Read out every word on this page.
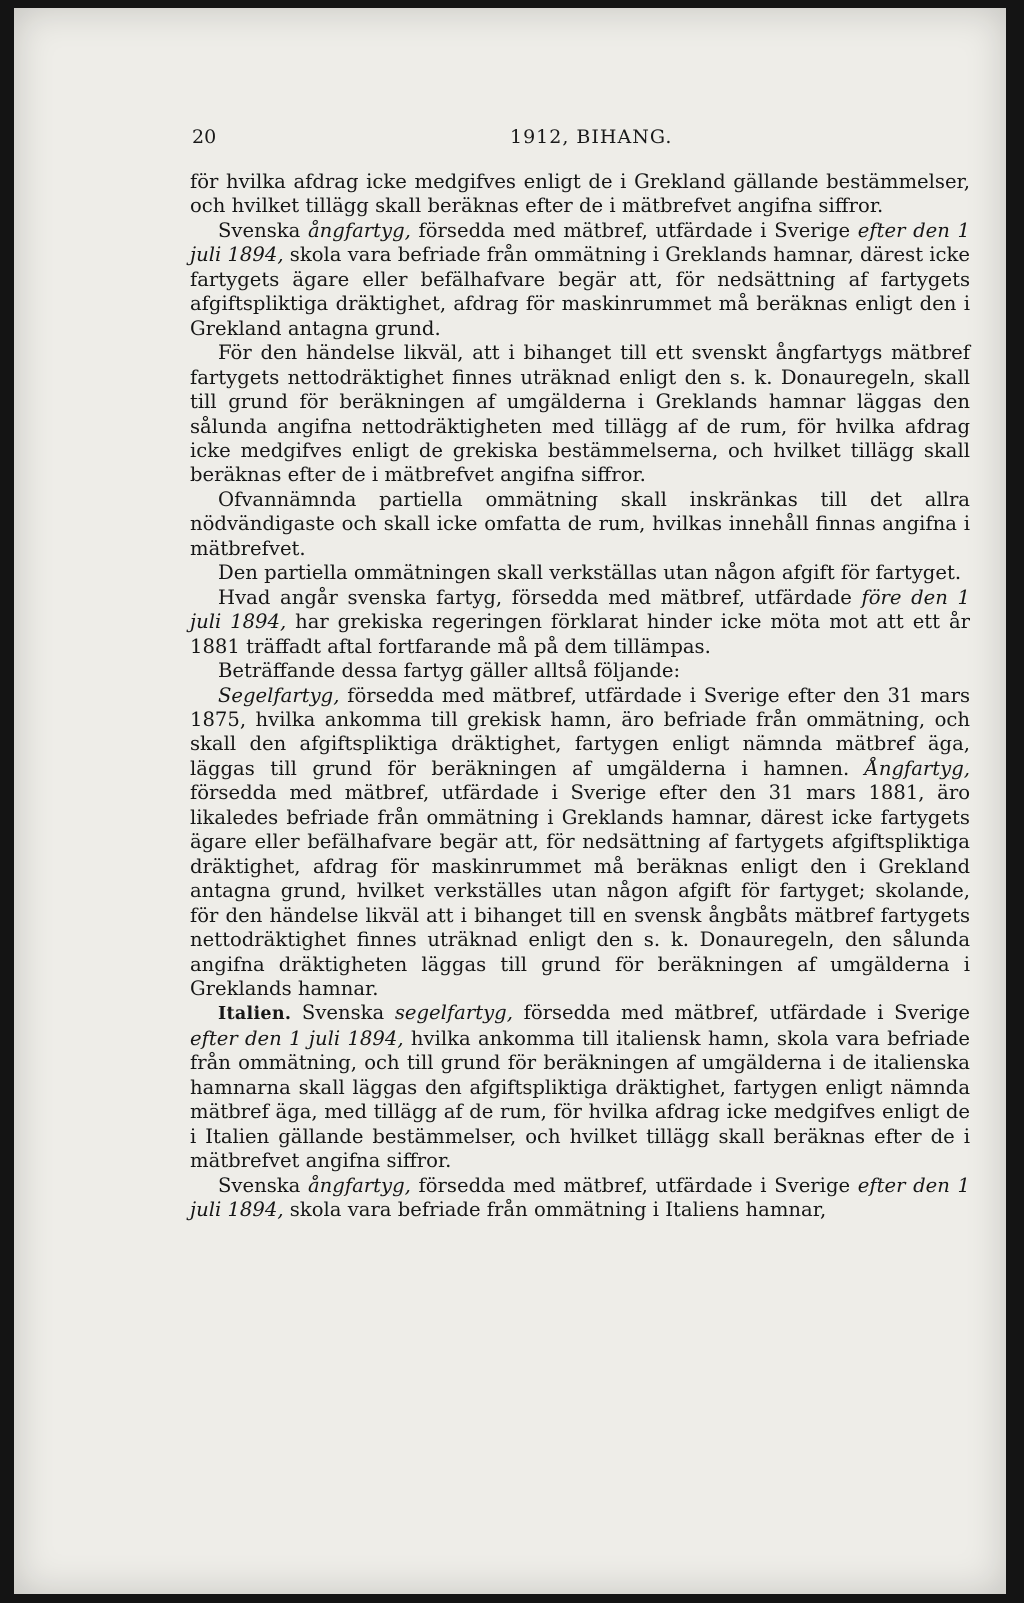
20	1912, BIHANG.

för hvilka afdrag icke medgifves enligt de i Grekland gällande bestämmelser, och hvilket tillägg skall beräknas efter de i mätbrefvet angifna siffror.

Svenska ångfartyg, försedda med mätbref, utfärdade i Sverige efter den 1 juli 1894, skola vara befriade från ommätning i Greklands hamnar, därest icke fartygets ägare eller befälhafvare begär att, för nedsättning af fartygets afgiftspliktiga dräktighet, afdrag för maskinrummet må beräknas enligt den i Grekland antagna grund.

För den händelse likväl, att i bihanget till ett svenskt ångfartygs mätbref fartygets nettodräktighet finnes uträknad enligt den s. k. Donauregeln, skall till grund för beräkningen af umgälderna i Greklands hamnar läggas den sålunda angifna nettodräktigheten med tillägg af de rum, för hvilka afdrag icke medgifves enligt de grekiska bestämmelserna, och hvilket tillägg skall beräknas efter de i mätbrefvet angifna siffror.

Ofvannämnda partiella ommätning skall inskränkas till det allra nödvändigaste och skall icke omfatta de rum, hvilkas innehåll finnas angifna i mätbrefvet.

Den partiella ommätningen skall verkställas utan någon afgift för fartyget.

Hvad angår svenska fartyg, försedda med mätbref, utfärdade före den 1 juli 1894, har grekiska regeringen förklarat hinder icke möta mot att ett år 1881 träffadt aftal fortfarande må på dem tillämpas.

Beträffande dessa fartyg gäller alltså följande:

Segelfartyg, försedda med mätbref, utfärdade i Sverige efter den 31 mars 1875, hvilka ankomma till grekisk hamn, äro befriade från ommätning, och skall den afgiftspliktiga dräktighet, fartygen enligt nämnda mätbref äga, läggas till grund för beräkningen af umgälderna i hamnen. Ångfartyg, försedda med mätbref, utfärdade i Sverige efter den 31 mars 1881, äro likaledes befriade från ommätning i Greklands hamnar, därest icke fartygets ägare eller befälhafvare begär att, för nedsättning af fartygets afgiftspliktiga dräktighet, afdrag för maskinrummet må beräknas enligt den i Grekland antagna grund, hvilket verkställes utan någon afgift för fartyget; skolande, för den händelse likväl att i bihanget till en svensk ångbåts mätbref fartygets nettodräktighet finnes uträknad enligt den s. k. Donauregeln, den sålunda angifna dräktigheten läggas till grund för beräkningen af umgälderna i Greklands hamnar.

Italien. Svenska segelfartyg, försedda med mätbref, utfärdade i Sverige efter den 1 juli 1894, hvilka ankomma till italiensk hamn, skola vara befriade från ommätning, och till grund för beräkningen af umgälderna i de italienska hamnarna skall läggas den afgiftspliktiga dräktighet, fartygen enligt nämnda mätbref äga, med tillägg af de rum, för hvilka afdrag icke medgifves enligt de i Italien gällande bestämmelser, och hvilket tillägg skall beräknas efter de i mätbrefvet angifna siffror.

Svenska ångfartyg, försedda med mätbref, utfärdade i Sverige efter den 1 juli 1894, skola vara befriade från ommätning i Italiens hamnar,
